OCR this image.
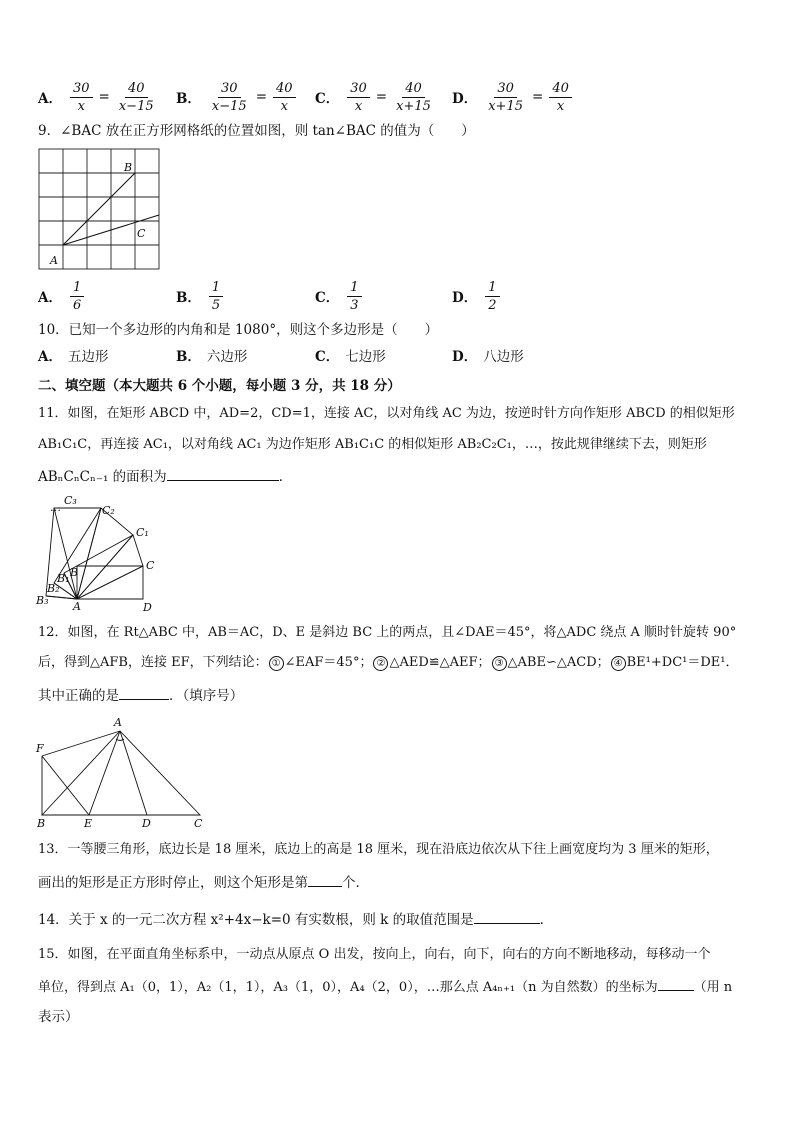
A． $\frac{30}{x} = \frac{40}{x-15}$ B． $\frac{30}{x-15} = \frac{40}{x}$ C． $\frac{30}{x} = \frac{40}{x+15}$ D． $\frac{30}{x+15} = \frac{40}{x}$
9．∠BAC 放在正方形网格纸的位置如图，则 tan∠BAC 的值为（　　）
B
C
A
A． $\frac{1}{6}$	B． $\frac{1}{5}$	C． $\frac{1}{3}$	D． $\frac{1}{2}$
10．已知一个多边形的内角和是 1080°，则这个多边形是（　　）
A． 五边形	B． 六边形	C． 七边形	D． 八边形
二、填空题（本大题共 6 个小题，每小题 3 分，共 18 分）
11．如图，在矩形 ABCD 中，AD=2，CD=1，连接 AC，以对角线 AC 为边，按逆时针方向作矩形 ABCD 的相似矩形
AB₁C₁C，再连接 AC₁，以对角线 AC₁ 为边作矩形 AB₁C₁C 的相似矩形 AB₂C₂C₁，…，按此规律继续下去，则矩形
ABₙCₙCₙ₋₁ 的面积为	．
…
C₃
C₂
C₁
C
B
B₁
B₂
B₃ A	D
12．如图，在 Rt△ABC 中，AB＝AC，D、E 是斜边 BC 上的两点，且∠DAE＝45°，将△ADC 绕点 A 顺时针旋转 90°
后，得到△AFB，连接 EF，下列结论： ① ∠EAF＝45°； ② △AED≌△AEF； ③ △ABE∽△ACD； ④ BE¹+DC¹＝DE¹．
其中正确的是	．（填序号）
A
F
B	E	D	C
13．一等腰三角形，底边长是 18 厘米，底边上的高是 18 厘米，现在沿底边依次从下往上画宽度均为 3 厘米的矩形，
画出的矩形是正方形时停止，则这个矩形是第	个．
14．关于 x 的一元二次方程 x²+4x−k=0 有实数根，则 k 的取值范围是	．
15．如图，在平面直角坐标系中，一动点从原点 O 出发，按向上，向右，向下，向右的方向不断地移动，每移动一个
单位，得到点 A₁（0，1），A₂（1，1），A₃（1，0），A₄（2，0），…那么点 A₄ₙ₊₁（n 为自然数）的坐标为	（用 n
表示）
